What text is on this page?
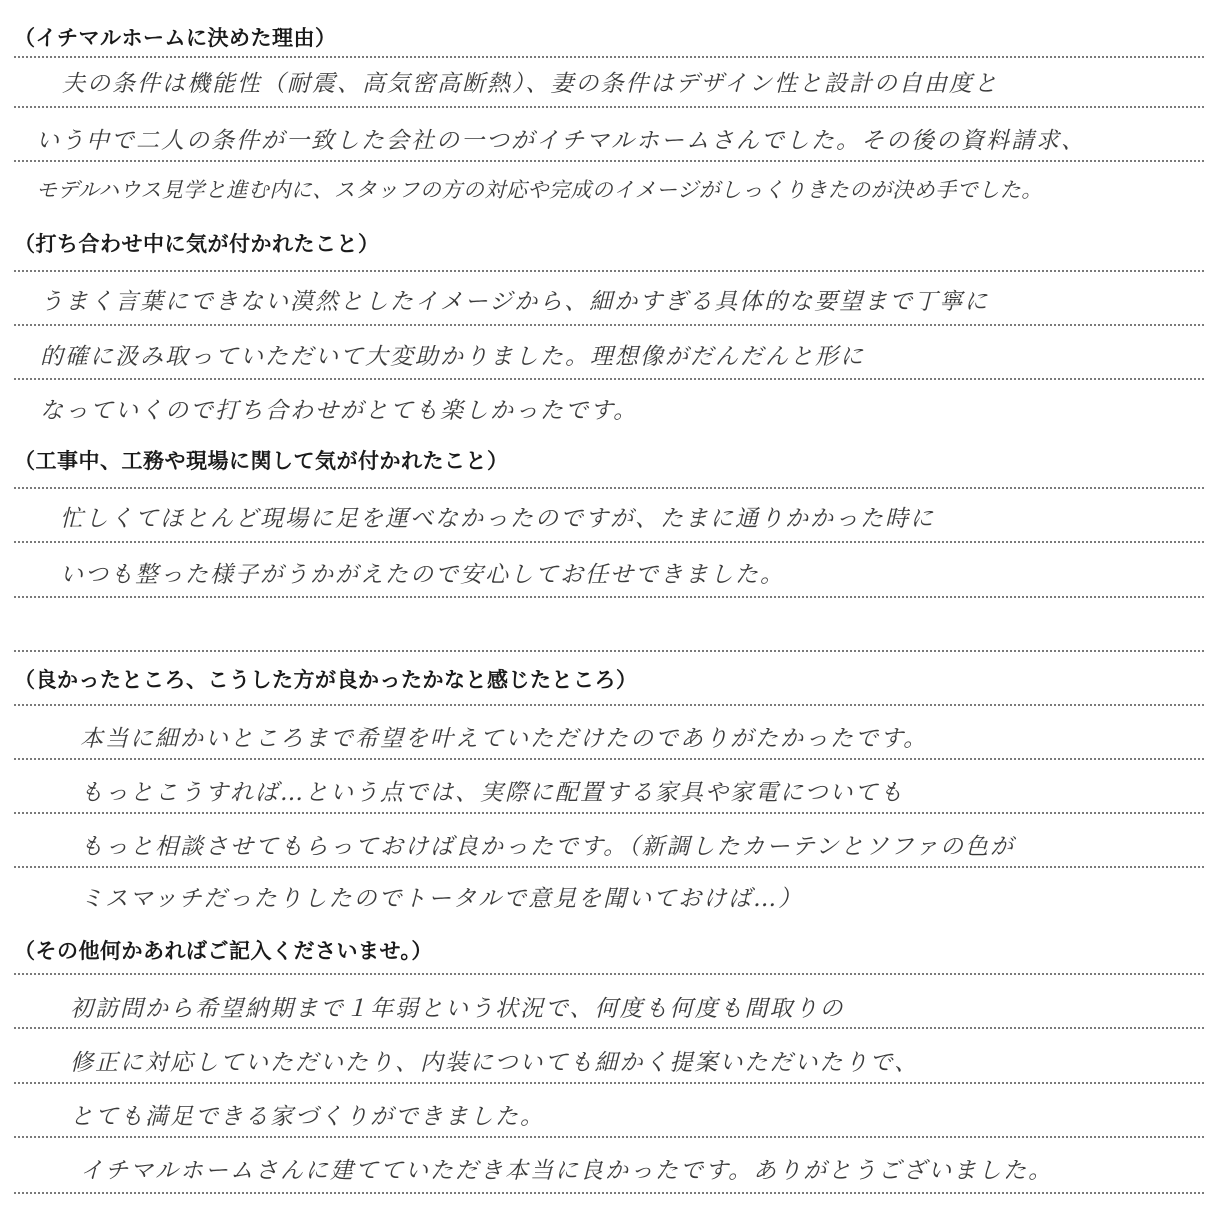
（イチマルホームに決めた理由）
夫の条件は機能性（耐震、高気密高断熱）、妻の条件はデザイン性と設計の自由度と
いう中で二人の条件が一致した会社の一つがイチマルホームさんでした。その後の資料請求、
モデルハウス見学と進む内に、スタッフの方の対応や完成のイメージがしっくりきたのが決め手でした。
（打ち合わせ中に気が付かれたこと）
うまく言葉にできない漠然としたイメージから、細かすぎる具体的な要望まで丁寧に
的確に汲み取っていただいて大変助かりました。理想像がだんだんと形に
なっていくので打ち合わせがとても楽しかったです。
（工事中、工務や現場に関して気が付かれたこと）
忙しくてほとんど現場に足を運べなかったのですが、たまに通りかかった時に
いつも整った様子がうかがえたので安心してお任せできました。
（良かったところ、こうした方が良かったかなと感じたところ）
本当に細かいところまで希望を叶えていただけたのでありがたかったです。
もっとこうすれば…という点では、実際に配置する家具や家電についても
もっと相談させてもらっておけば良かったです。（新調したカーテンとソファの色が
ミスマッチだったりしたのでトータルで意見を聞いておけば…）
（その他何かあればご記入くださいませ。）
初訪問から希望納期まで１年弱という状況で、何度も何度も間取りの
修正に対応していただいたり、内装についても細かく提案いただいたりで、
とても満足できる家づくりができました。
イチマルホームさんに建てていただき本当に良かったです。ありがとうございました。
